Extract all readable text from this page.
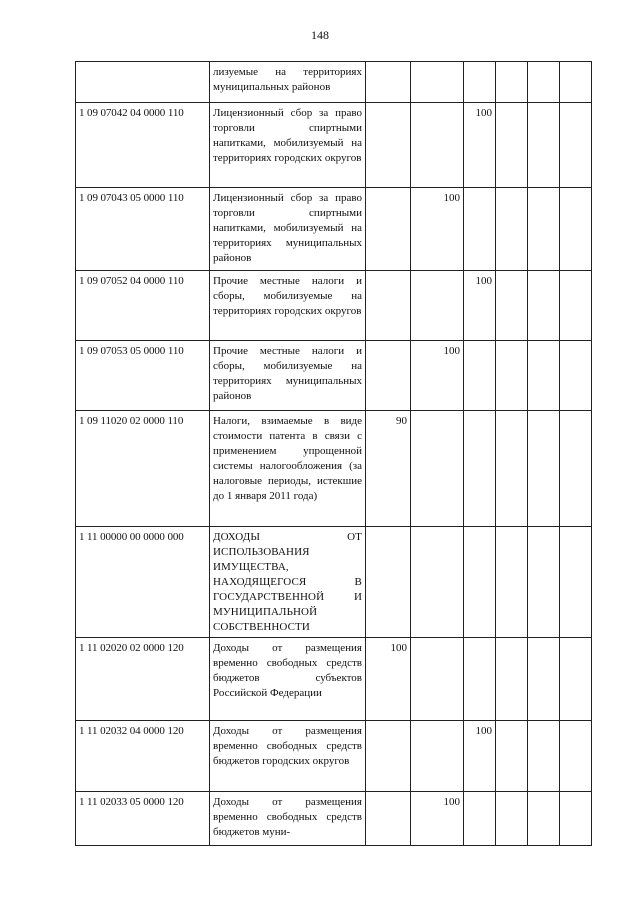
148
	лизуемые на территориях муниципальных районов						
1 09 07042 04 0000 110	Лицензионный сбор за право торговли спиртными напитками, мобилизуемый на территориях городских округов			100			
1 09 07043 05 0000 110	Лицензионный сбор за право торговли спиртными напитками, мобилизуемый на территориях муниципальных районов		100				
1 09 07052 04 0000 110	Прочие местные налоги и сборы, мобилизуемые на территориях городских округов			100			
1 09 07053 05 0000 110	Прочие местные налоги и сборы, мобилизуемые на территориях муниципальных районов		100				
1 09 11020 02 0000 110	Налоги, взимаемые в виде стоимости патента в связи с применением упрощенной системы налогообложения (за налоговые периоды, истекшие до 1 января 2011 года)	90					
1 11 00000 00 0000 000	ДОХОДЫ ОТ ИСПОЛЬЗОВАНИЯ ИМУЩЕСТВА, НАХОДЯЩЕГОСЯ В ГОСУДАРСТВЕННОЙ И МУНИЦИПАЛЬНОЙ СОБСТВЕННОСТИ						
1 11 02020 02 0000 120	Доходы от размещения временно свободных средств бюджетов субъектов Российской Федерации	100					
1 11 02032 04 0000 120	Доходы от размещения временно свободных средств бюджетов городских округов			100			
1 11 02033 05 0000 120	Доходы от размещения временно свободных средств бюджетов муни-		100				
